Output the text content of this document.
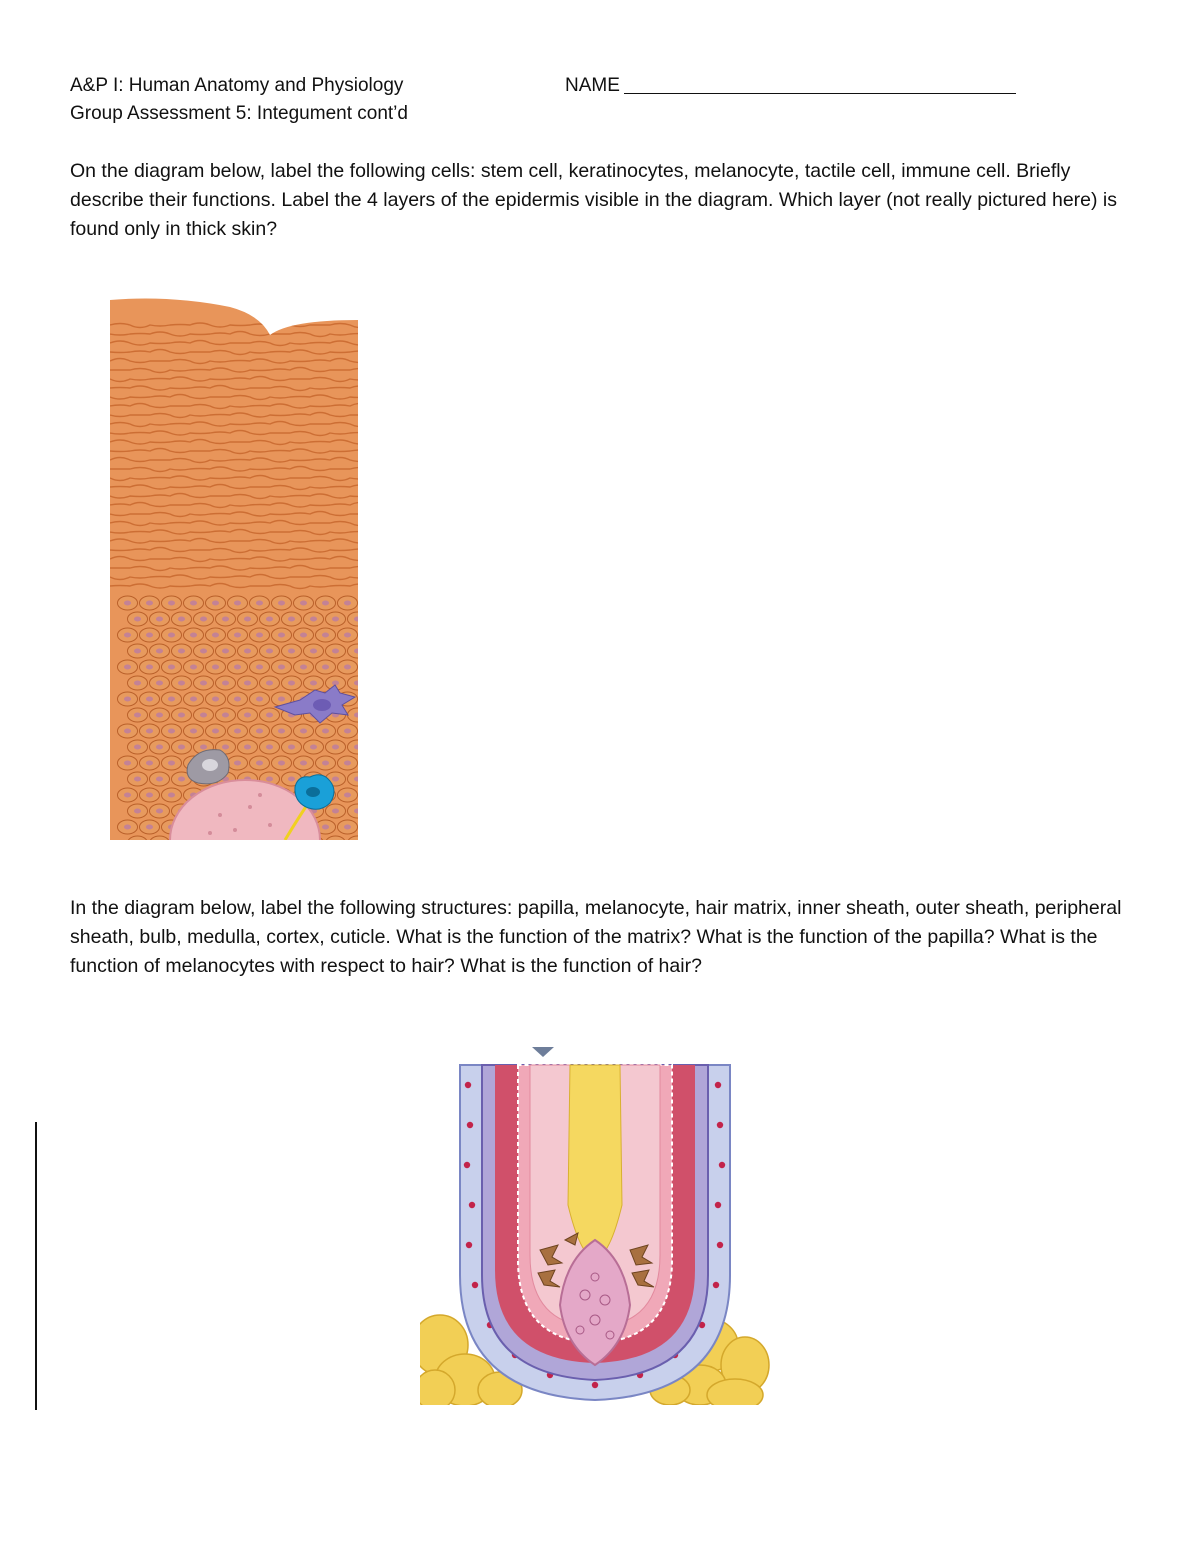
A&P I: Human Anatomy and Physiology
Group Assessment 5: Integument cont’d
NAME
On the diagram below, label the following cells: stem cell, keratinocytes, melanocyte, tactile cell, immune cell. Briefly describe their functions. Label the 4 layers of the epidermis visible in the diagram. Which layer (not really pictured here) is found only in thick skin?
In the diagram below, label the following structures: papilla, melanocyte, hair matrix, inner sheath, outer sheath, peripheral sheath, bulb, medulla, cortex, cuticle. What is the function of the matrix? What is the function of the papilla? What is the function of melanocytes with respect to hair? What is the function of hair?
